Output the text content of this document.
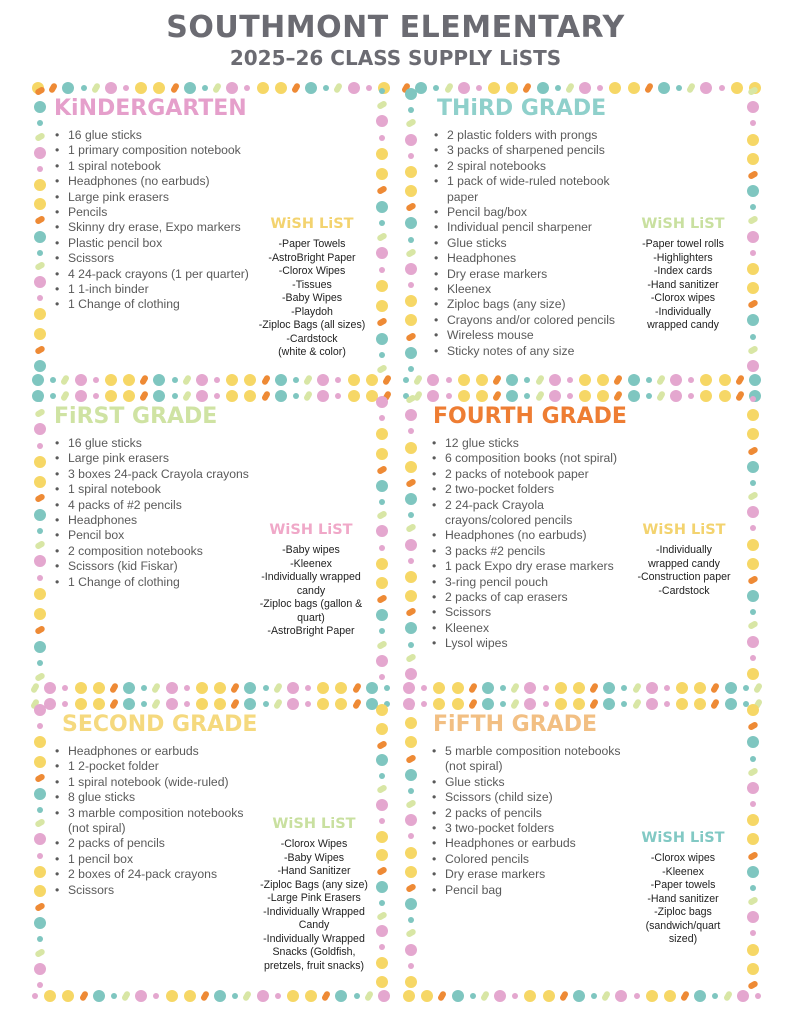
SOUTHMONT ELEMENTARY
2025–26 CLASS SUPPLY LiSTS
KiNDERGARTEN
• 16 glue sticks
• 1 primary composition notebook
• 1 spiral notebook
• Headphones (no earbuds)
• Large pink erasers
• Pencils
• Skinny dry erase, Expo markers
• Plastic pencil box
• Scissors
• 4 24-pack crayons (1 per quarter)
• 1 1-inch binder
• 1 Change of clothing
WiSH LiST
-Paper Towels
-AstroBright Paper
-Clorox Wipes
-Tissues
-Baby Wipes
-Playdoh
-Ziploc Bags (all sizes)
-Cardstock
(white & color)
THiRD GRADE
• 2 plastic folders with prongs
• 3 packs of sharpened pencils
• 2 spiral notebooks
• 1 pack of wide-ruled notebook paper
• Pencil bag/box
• Individual pencil sharpener
• Glue sticks
• Headphones
• Dry erase markers
• Kleenex
• Ziploc bags (any size)
• Crayons and/or colored pencils
• Wireless mouse
• Sticky notes of any size
WiSH LiST
-Paper towel rolls
-Highlighters
-Index cards
-Hand sanitizer
-Clorox wipes
-Individually
wrapped candy
FiRST GRADE
• 16 glue sticks
• Large pink erasers
• 3 boxes 24-pack Crayola crayons
• 1 spiral notebook
• 4 packs of #2 pencils
• Headphones
• Pencil box
• 2 composition notebooks
• Scissors (kid Fiskar)
• 1 Change of clothing
WiSH LiST
-Baby wipes
-Kleenex
-Individually wrapped
candy
-Ziploc bags (gallon &
quart)
-AstroBright Paper
FOURTH GRADE
• 12 glue sticks
• 6 composition books (not spiral)
• 2 packs of notebook paper
• 2 two-pocket folders
• 2 24-pack Crayola crayons/colored pencils
• Headphones (no earbuds)
• 3 packs #2 pencils
• 1 pack Expo dry erase markers
• 3-ring pencil pouch
• 2 packs of cap erasers
• Scissors
• Kleenex
• Lysol wipes
WiSH LiST
-Individually
wrapped candy
-Construction paper
-Cardstock
SECOND GRADE
• Headphones or earbuds
• 1 2-pocket folder
• 1 spiral notebook (wide-ruled)
• 8 glue sticks
• 3 marble composition notebooks (not spiral)
• 2 packs of pencils
• 1 pencil box
• 2 boxes of 24-pack crayons
• Scissors
WiSH LiST
-Clorox Wipes
-Baby Wipes
-Hand Sanitizer
-Ziploc Bags (any size)
-Large Pink Erasers
-Individually Wrapped
Candy
-Individually Wrapped
Snacks (Goldfish,
pretzels, fruit snacks)
FiFTH GRADE
• 5 marble composition notebooks (not spiral)
• Glue sticks
• Scissors (child size)
• 2 packs of pencils
• 3 two-pocket folders
• Headphones or earbuds
• Colored pencils
• Dry erase markers
• Pencil bag
WiSH LiST
-Clorox wipes
-Kleenex
-Paper towels
-Hand sanitizer
-Ziploc bags
(sandwich/quart
sized)
